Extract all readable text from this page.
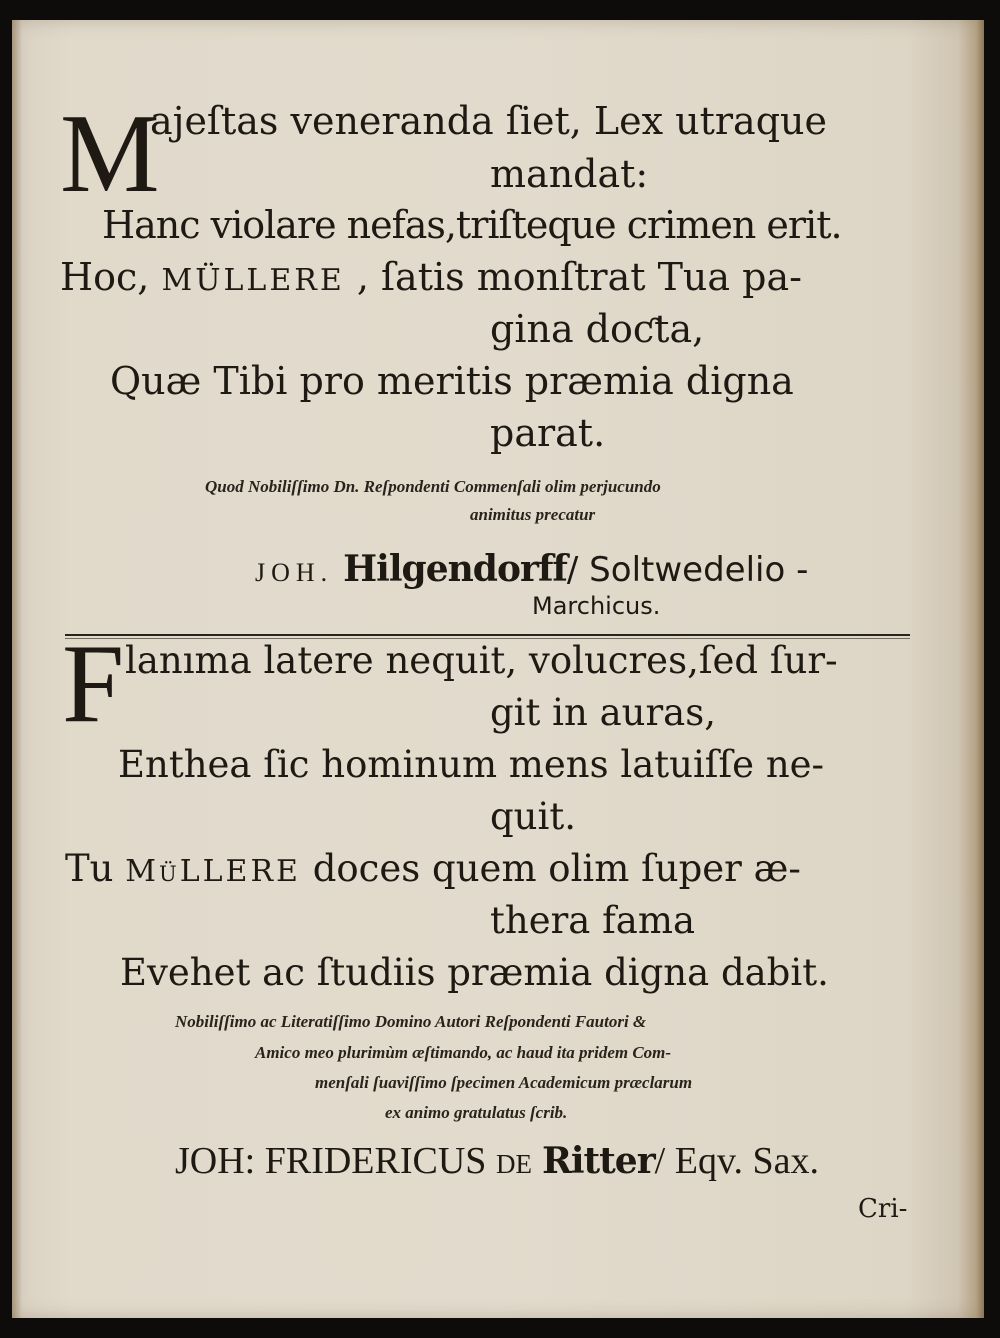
M
ajeſtas veneranda ſiet, Lex utraque
mandat:
Hanc violare nefas,triſteque crimen erit.
Hoc, MÜLLERE , ſatis monſtrat Tua pa-
gina doƈta,
Quæ Tibi pro meritis præmia digna
parat.
Quod Nobiliſſimo Dn. Reſpondenti Commenſali olim perjucundo
animitus precatur
JOH. Hilgendorff/ Soltwedelio -
Marchicus.
F lanıma latere nequit, volucres,ſed ſur-
git in auras,
Enthea ſic hominum mens latuiſſe ne-
quit.
Tu MüLLERE doces quem olim ſuper æ-
thera fama
Evehet ac ſtudiis præmia digna dabit.
Nobiliſſimo ac Literatiſſimo Domino Autori Reſpondenti Fautori &
Amico meo plurimùm æſtimando, ac haud ita pridem Com-
menſali ſuaviſſimo ſpecimen Academicum præclarum
ex animo gratulatus ſcrib.
JOH: FRIDERICUS de Ritter/ Eqv. Sax.
Cri-
